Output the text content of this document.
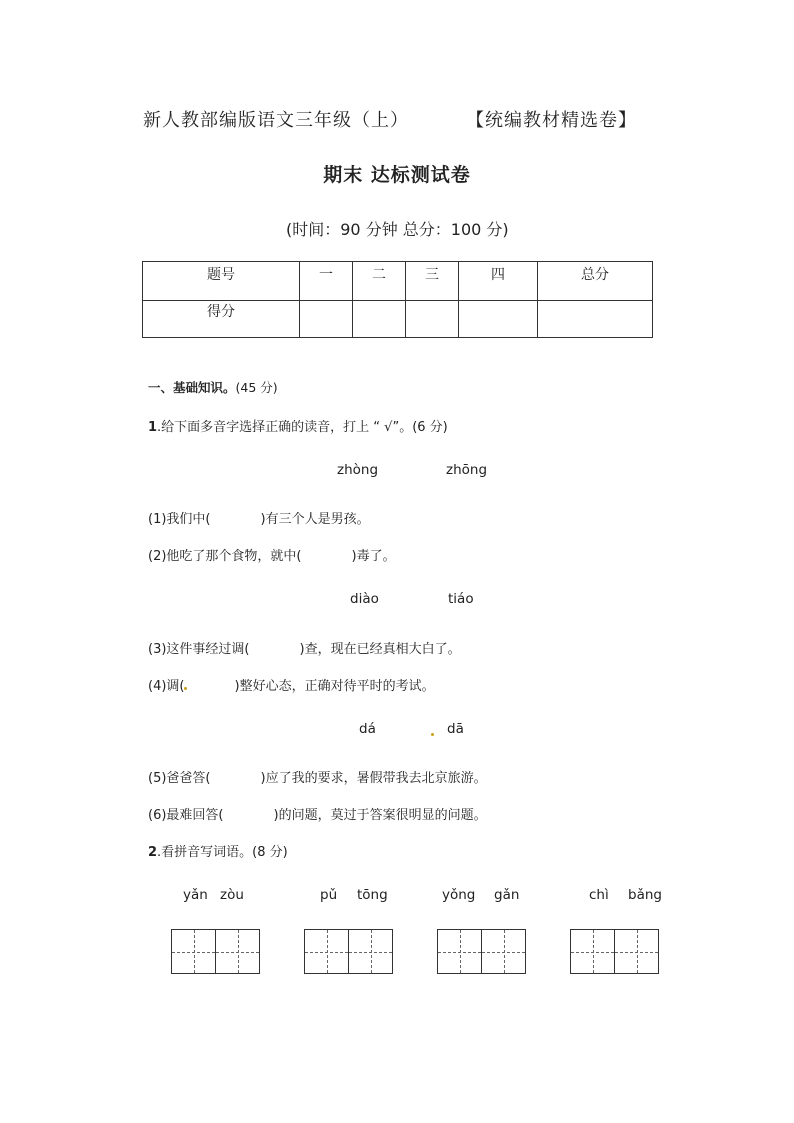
新人教部编版语文三年级（上）	【统编教材精选卷】
期末 达标测试卷
(时间：90 分钟 总分：100 分)
题号	一	二	三	四	总分
得分					
一、基础知识。(45 分)
1.给下面多音字选择正确的读音，打上 “ √”。(6 分)
zhòng	zhōng
(1)我们中(	)有三个人是男孩。
(2)他吃了那个食物，就中(	)毒了。
diào	tiáo
(3)这件事经过调(	)查，现在已经真相大白了。
(4)调(	)整好心态，正确对待平时的考试。
dá	dā
(5)爸爸答(	)应了我的要求，暑假带我去北京旅游。
(6)最难回答(	)的问题，莫过于答案很明显的问题。
2.看拼音写词语。(8 分)
yǎn zòu	pǔ tōng	yǒng gǎn	chì bǎng
